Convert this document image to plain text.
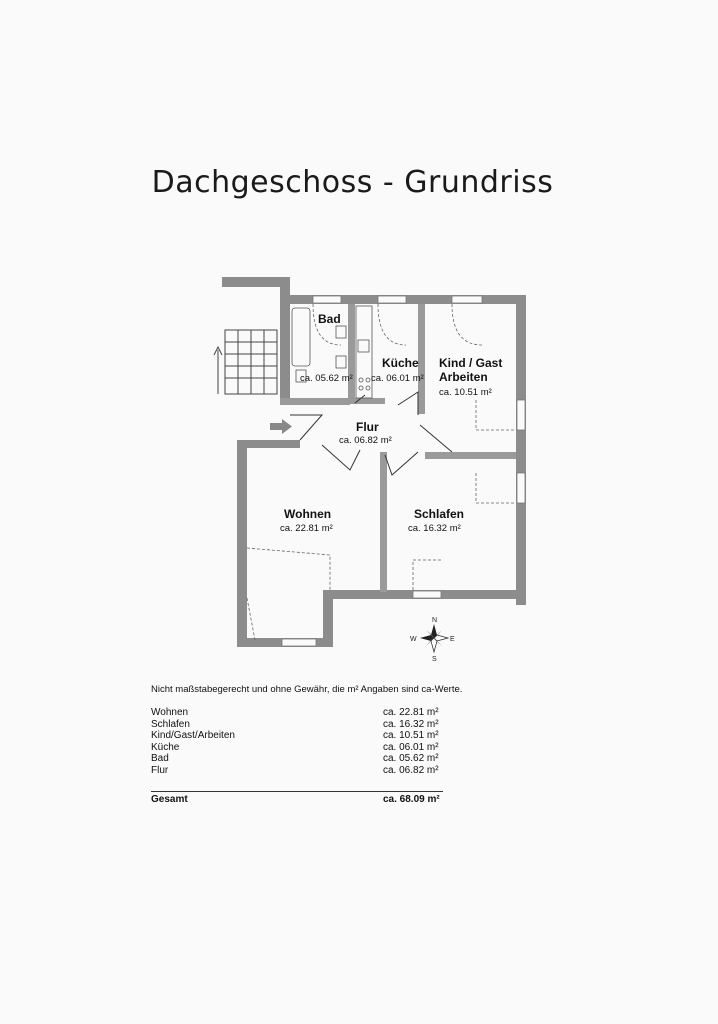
Dachgeschoss - Grundriss
Bad
ca. 05.62 m²
Küche
ca. 06.01 m²
Kind / Gast
Arbeiten
ca. 10.51 m²
Flur
ca. 06.82 m²
Wohnen
ca. 22.81 m²
Schlafen
ca. 16.32 m²
N
S
E
W
Nicht maßstabegerecht und ohne Gewähr, die m² Angaben sind ca-Werte.
Wohnen	ca. 22.81 m²
Schlafen	ca. 16.32 m²
Kind/Gast/Arbeiten	ca. 10.51 m²
Küche	ca. 06.01 m²
Bad	ca. 05.62 m²
Flur	ca. 06.82 m²
Gesamt	ca. 68.09 m²
